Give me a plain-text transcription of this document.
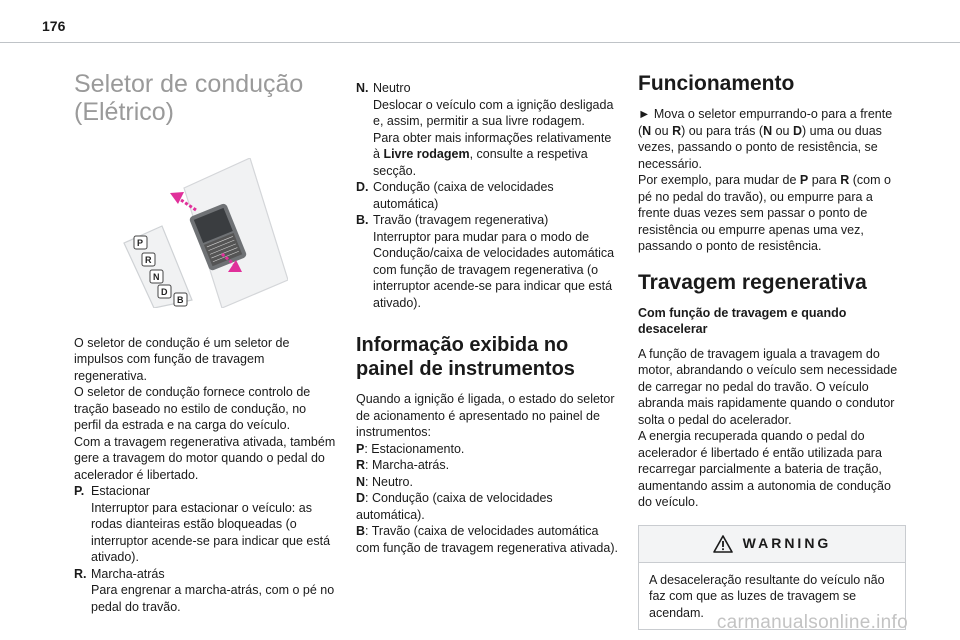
176
Seletor de condução
(Elétrico)
P
R
N
D
B

O seletor de condução é um seletor de impulsos com função de travagem regenerativa.

O seletor de condução fornece controlo de tração baseado no estilo de condução, no perfil da estrada e na carga do veículo.

Com a travagem regenerativa ativada, também gere a travagem do motor quando o pedal do acelerador é libertado.

P. Estacionar
Interruptor para estacionar o veículo: as rodas dianteiras estão bloqueadas (o interruptor acende-se para indicar que está ativado).
R. Marcha-atrás
Para engrenar a marcha-atrás, com o pé no pedal do travão.
N. Neutro
Deslocar o veículo com a ignição desligada e, assim, permitir a sua livre rodagem.
Para obter mais informações relativamente à Livre rodagem, consulte a respetiva secção.
D. Condução (caixa de velocidades automática)
B. Travão (travagem regenerativa)
Interruptor para mudar para o modo de Condução/caixa de velocidades automática com função de travagem regenerativa (o interruptor acende-se para indicar que está ativado).
Informação exibida no painel de instrumentos

Quando a ignição é ligada, o estado do seletor de acionamento é apresentado no painel de instrumentos:

P: Estacionamento.

R: Marcha-atrás.

N: Neutro.

D: Condução (caixa de velocidades automática).

B: Travão (caixa de velocidades automática com função de travagem regenerativa ativada).

Funcionamento

► Mova o seletor empurrando-o para a frente (N ou R) ou para trás (N ou D) uma ou duas vezes, passando o ponto de resistência, se necessário.

Por exemplo, para mudar de P para R (com o pé no pedal do travão), ou empurre para a frente duas vezes sem passar o ponto de resistência ou empurre apenas uma vez, passando o ponto de resistência.

Travagem regenerativa
Com função de travagem e quando desacelerar

A função de travagem iguala a travagem do motor, abrandando o veículo sem necessidade de carregar no pedal do travão. O veículo abranda mais rapidamente quando o condutor solta o pedal do acelerador.

A energia recuperada quando o pedal do acelerador é libertado é então utilizada para recarregar parcialmente a bateria de tração, aumentando assim a autonomia de condução do veículo.

WARNING
A desaceleração resultante do veículo não faz com que as luzes de travagem se acendam. carmanualsonline.info
